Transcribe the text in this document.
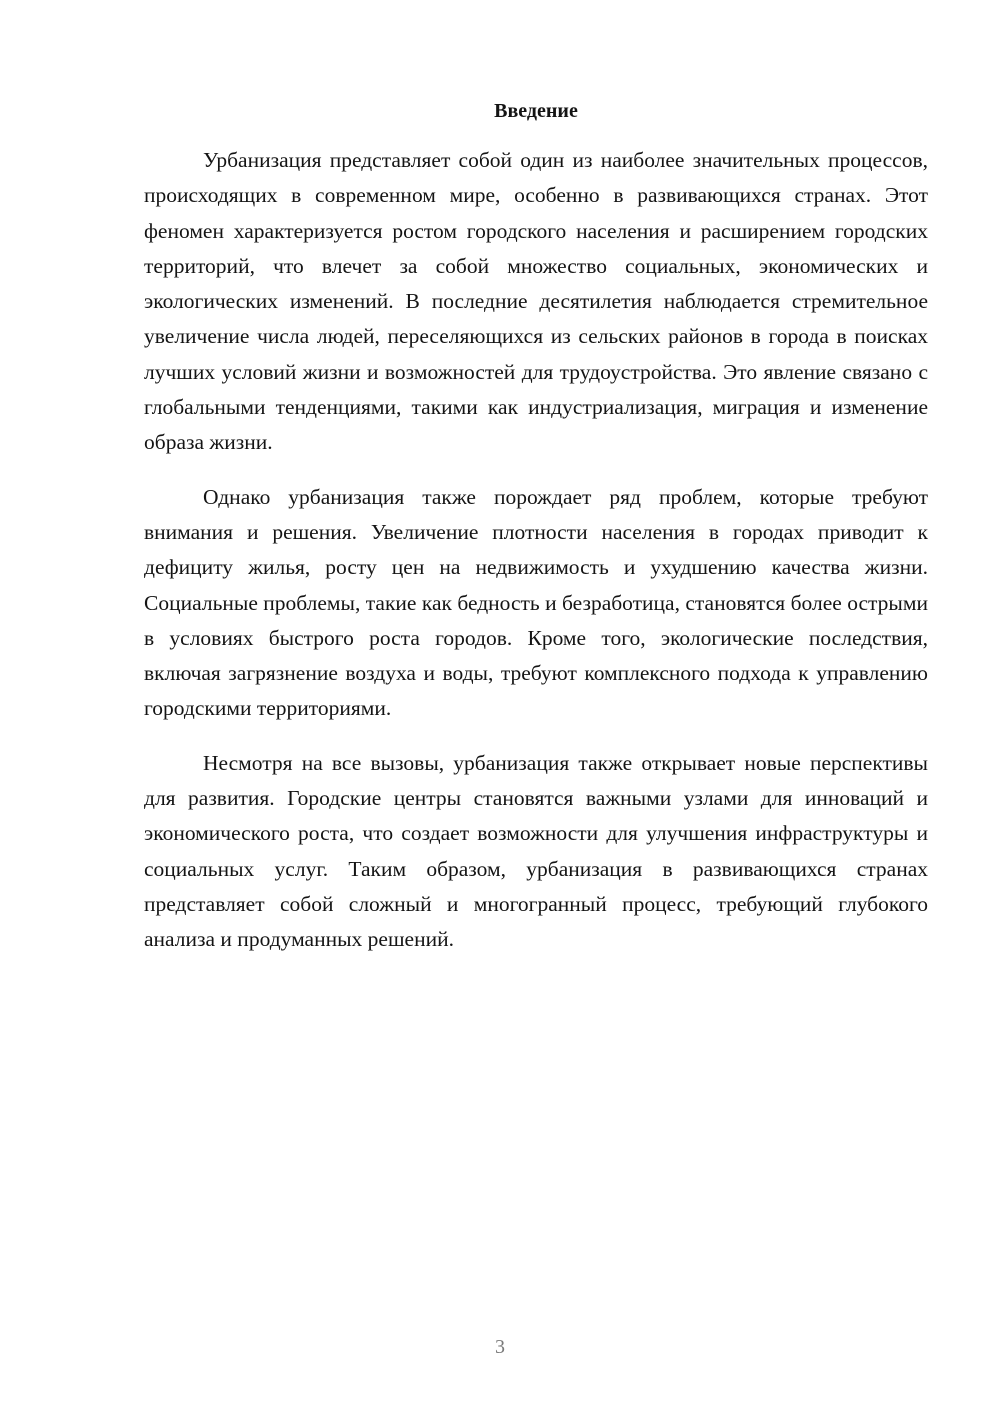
Введение

Урбанизация представляет собой один из наиболее значительных процессов, происходящих в современном мире, особенно в развивающихся странах. Этот феномен характеризуется ростом городского населения и расширением городских территорий, что влечет за собой множество социальных, экономических и экологических изменений. В последние десятилетия наблюдается стремительное увеличение числа людей, переселяющихся из сельских районов в города в поисках лучших условий жизни и возможностей для трудоустройства. Это явление связано с глобальными тенденциями, такими как индустриализация, миграция и изменение образа жизни.

Однако урбанизация также порождает ряд проблем, которые требуют внимания и решения. Увеличение плотности населения в городах приводит к дефициту жилья, росту цен на недвижимость и ухудшению качества жизни. Социальные проблемы, такие как бедность и безработица, становятся более острыми в условиях быстрого роста городов. Кроме того, экологические последствия, включая загрязнение воздуха и воды, требуют комплексного подхода к управлению городскими территориями.

Несмотря на все вызовы, урбанизация также открывает новые перспективы для развития. Городские центры становятся важными узлами для инноваций и экономического роста, что создает возможности для улучшения инфраструктуры и социальных услуг. Таким образом, урбанизация в развивающихся странах представляет собой сложный и многогранный процесс, требующий глубокого анализа и продуманных решений.

3
